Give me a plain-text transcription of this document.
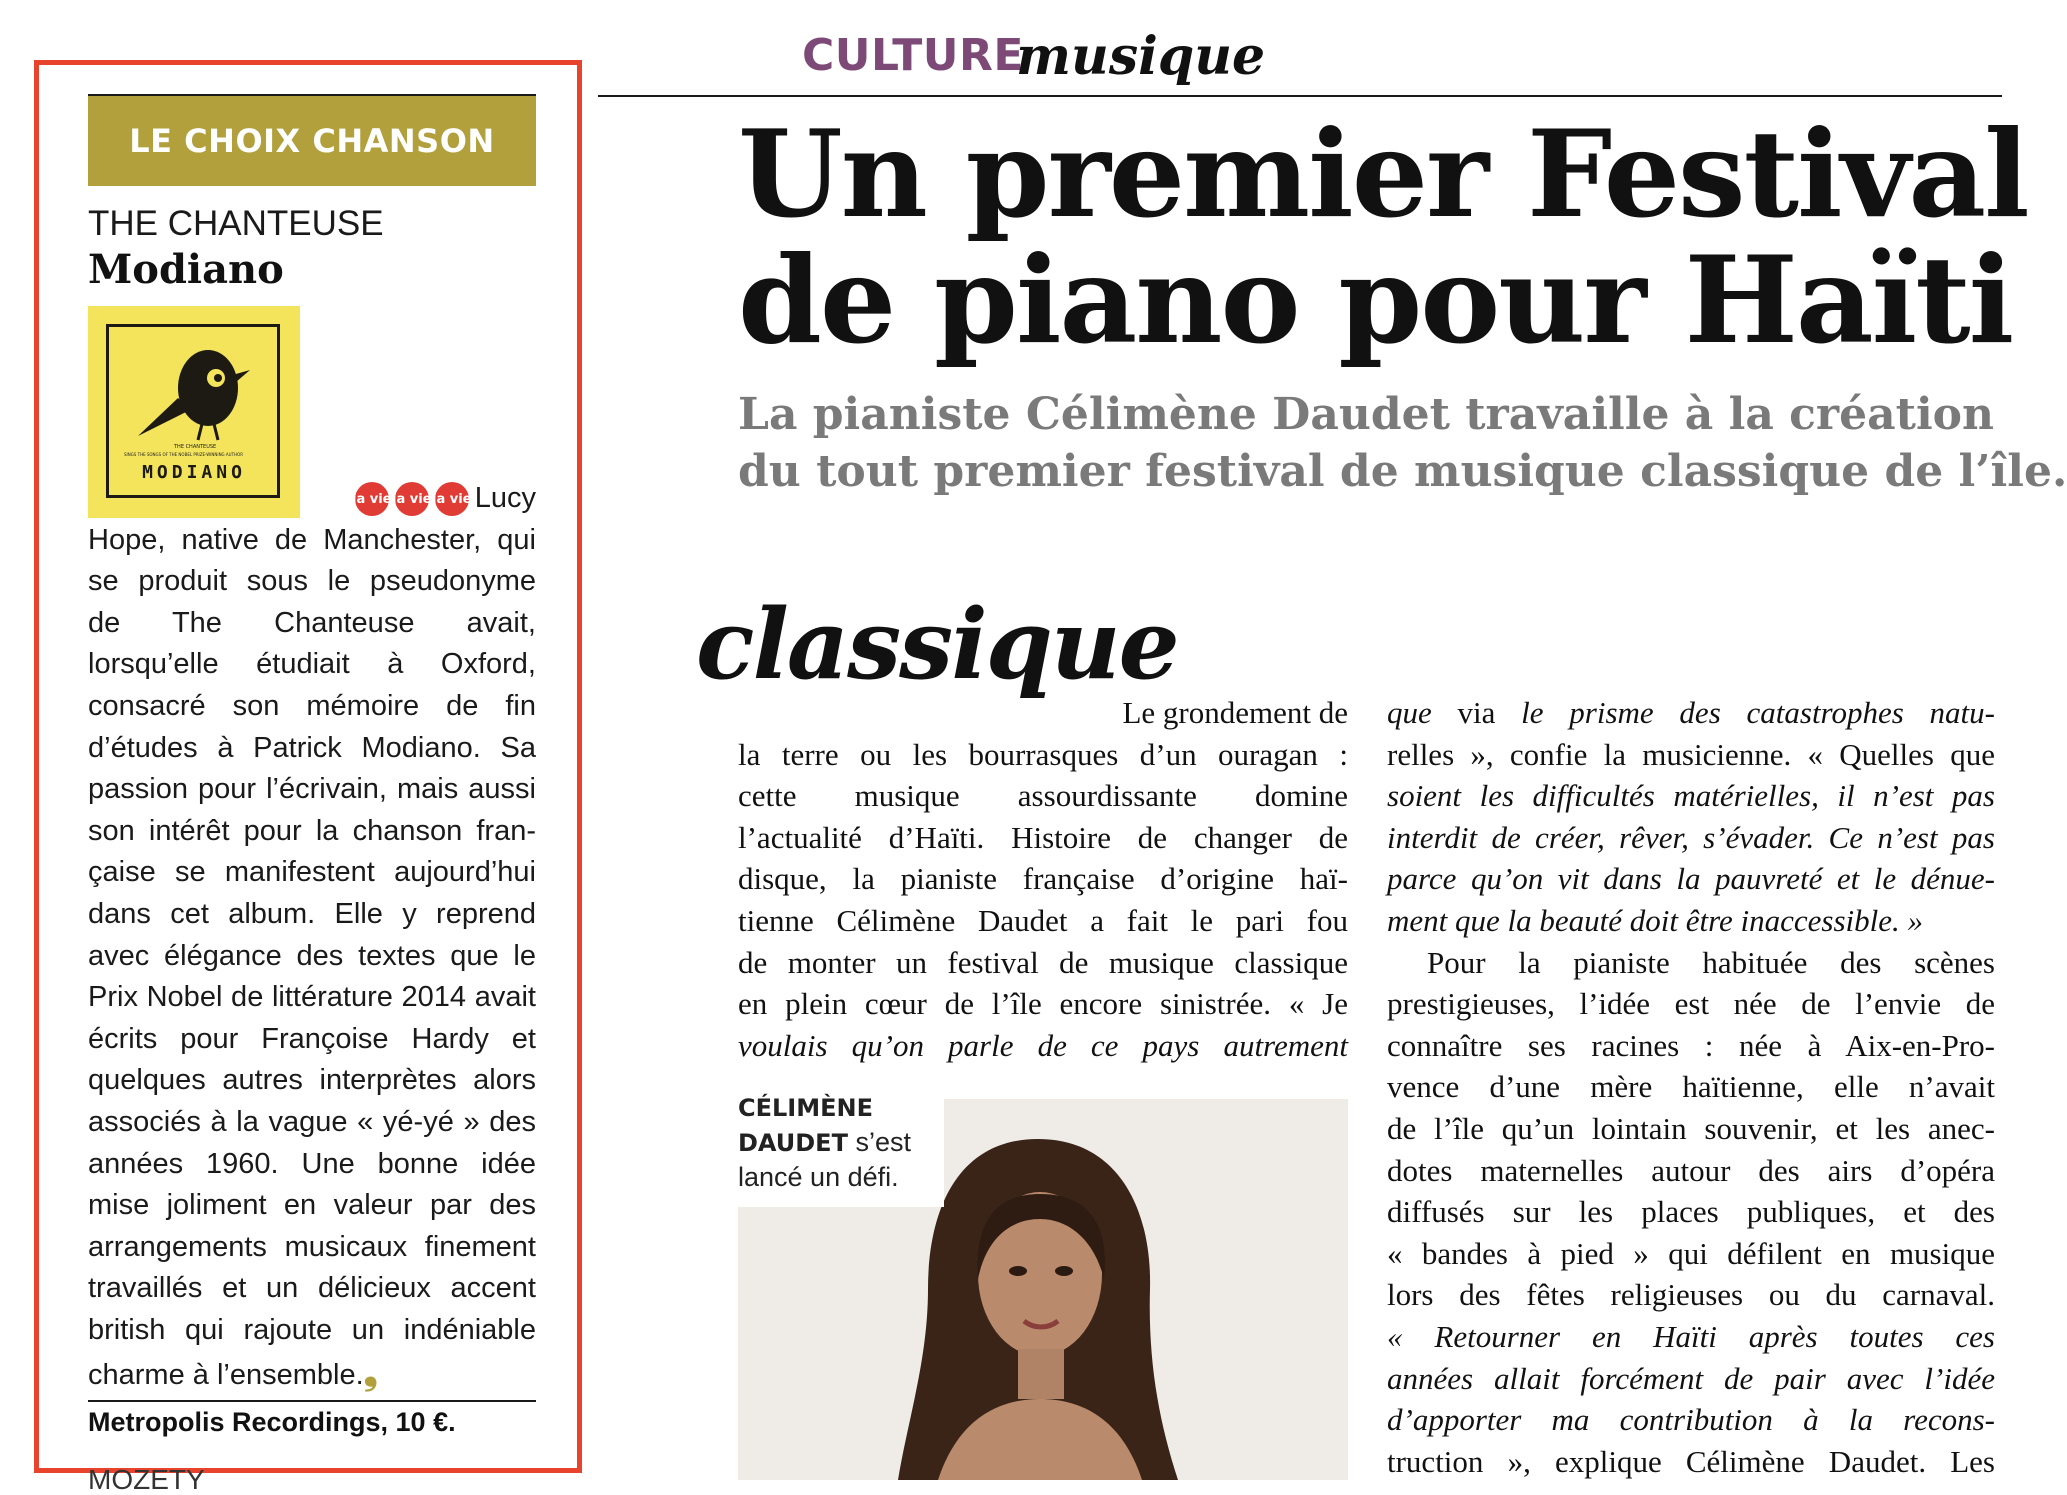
LE CHOIX CHANSON
THE CHANTEUSE
Modiano
THE CHANTEUSE
SINGS THE SONGS OF THE NOBEL PRIZE-WINNING AUTHOR
MODIANO
la vie la vie la vie Lucy
Hope, native de Manchester, qui
se produit sous le pseudonyme
de The Chanteuse avait,
lorsqu’elle étudiait à Oxford,
consacré son mémoire de fin
d’études à Patrick Modiano. Sa
passion pour l’écrivain, mais aussi
son intérêt pour la chanson fran-
çaise se manifestent aujourd’hui
dans cet album. Elle y reprend
avec élégance des textes que le
Prix Nobel de littérature 2014 avait
écrits pour Françoise Hardy et
quelques autres interprètes alors
associés à la vague « yé-yé » des
années 1960. Une bonne idée
mise joliment en valeur par des
arrangements musicaux finement
travaillés et un délicieux accent
british qui rajoute un indéniable
charme à l’ensemble.❟
Metropolis Recordings, 10 €.
MOZETY
CULTURE
musique
Un premier Festival
de piano pour Haïti
La pianiste Célimène Daudet travaille à la création
du tout premier festival de musique classique de l’île.
classique
Le grondement de
la terre ou les bourrasques d’un ouragan :
cette musique assourdissante domine
l’actualité d’Haïti. Histoire de changer de
disque, la pianiste française d’origine haï-
tienne Célimène Daudet a fait le pari fou
de monter un festival de musique classique
en plein cœur de l’île encore sinistrée. « Je
voulais qu’on parle de ce pays autrement
CÉLIMÈNE
DAUDET s’est
lancé un défi.
que via le prisme des catastrophes natu-
relles », confie la musicienne. « Quelles que
soient les difficultés matérielles, il n’est pas
interdit de créer, rêver, s’évader. Ce n’est pas
parce qu’on vit dans la pauvreté et le dénue-
ment que la beauté doit être inaccessible. »
Pour la pianiste habituée des scènes
prestigieuses, l’idée est née de l’envie de
connaître ses racines : née à Aix-en-Pro-
vence d’une mère haïtienne, elle n’avait
de l’île qu’un lointain souvenir, et les anec-
dotes maternelles autour des airs d’opéra
diffusés sur les places publiques, et des
« bandes à pied » qui défilent en musique
lors des fêtes religieuses ou du carnaval.
« Retourner en Haïti après toutes ces
années allait forcément de pair avec l’idée
d’apporter ma contribution à la recons-
truction », explique Célimène Daudet. Les
